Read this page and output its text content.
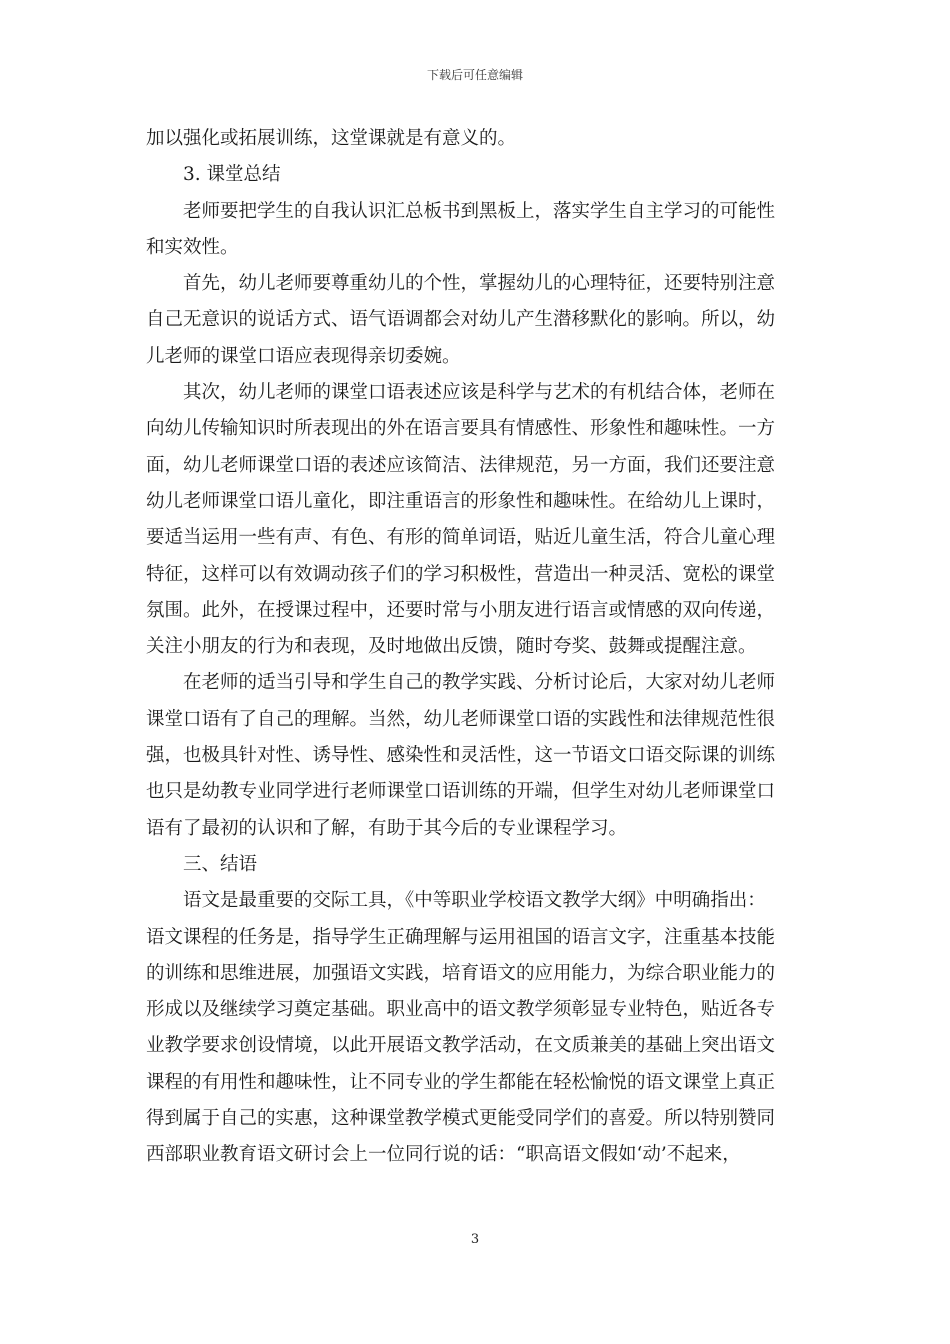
下载后可任意编辑
加以强化或拓展训练，这堂课就是有意义的。
3. 课堂总结
老师要把学生的自我认识汇总板书到黑板上，落实学生自主学习的可能性
和实效性。
首先，幼儿老师要尊重幼儿的个性，掌握幼儿的心理特征，还要特别注意
自己无意识的说话方式、语气语调都会对幼儿产生潜移默化的影响。所以，幼
儿老师的课堂口语应表现得亲切委婉。
其次，幼儿老师的课堂口语表述应该是科学与艺术的有机结合体，老师在
向幼儿传输知识时所表现出的外在语言要具有情感性、形象性和趣味性。一方
面，幼儿老师课堂口语的表述应该简洁、法律规范，另一方面，我们还要注意
幼儿老师课堂口语儿童化，即注重语言的形象性和趣味性。在给幼儿上课时，
要适当运用一些有声、有色、有形的简单词语，贴近儿童生活，符合儿童心理
特征，这样可以有效调动孩子们的学习积极性，营造出一种灵活、宽松的课堂
氛围。此外，在授课过程中，还要时常与小朋友进行语言或情感的双向传递，
关注小朋友的行为和表现，及时地做出反馈，随时夸奖、鼓舞或提醒注意。
在老师的适当引导和学生自己的教学实践、分析讨论后，大家对幼儿老师
课堂口语有了自己的理解。当然，幼儿老师课堂口语的实践性和法律规范性很
强，也极具针对性、诱导性、感染性和灵活性，这一节语文口语交际课的训练
也只是幼教专业同学进行老师课堂口语训练的开端，但学生对幼儿老师课堂口
语有了最初的认识和了解，有助于其今后的专业课程学习。
三、结语
语文是最重要的交际工具，《中等职业学校语文教学大纲》中明确指出：
语文课程的任务是，指导学生正确理解与运用祖国的语言文字，注重基本技能
的训练和思维进展，加强语文实践，培育语文的应用能力，为综合职业能力的
形成以及继续学习奠定基础。职业高中的语文教学须彰显专业特色，贴近各专
业教学要求创设情境，以此开展语文教学活动，在文质兼美的基础上突出语文
课程的有用性和趣味性，让不同专业的学生都能在轻松愉悦的语文课堂上真正
得到属于自己的实惠，这种课堂教学模式更能受同学们的喜爱。所以特别赞同
西部职业教育语文研讨会上一位同行说的话：“职高语文假如‘动’不起来，
3
